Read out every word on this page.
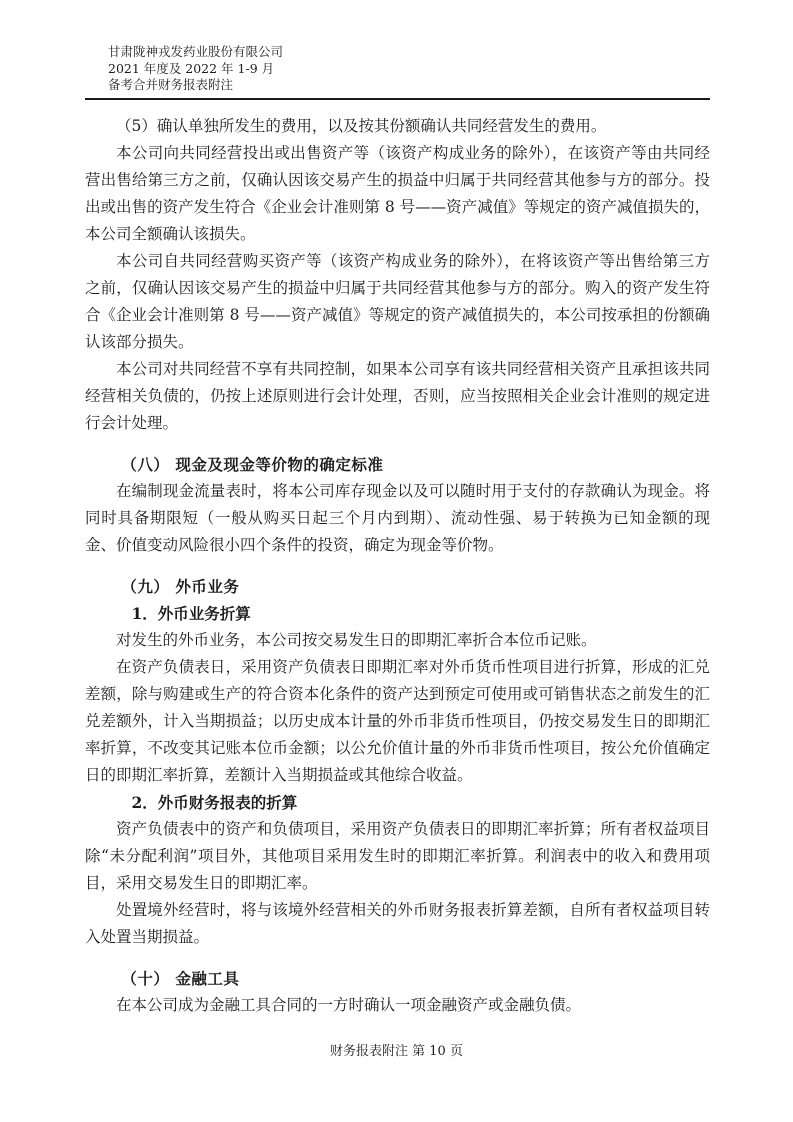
甘肃陇神戎发药业股份有限公司
2021 年度及 2022 年 1-9 月
备考合并财务报表附注

（5）确认单独所发生的费用，以及按其份额确认共同经营发生的费用。

本公司向共同经营投出或出售资产等（该资产构成业务的除外），在该资产等由共同经营出售给第三方之前，仅确认因该交易产生的损益中归属于共同经营其他参与方的部分。投出或出售的资产发生符合《企业会计准则第 8 号——资产减值》等规定的资产减值损失的，本公司全额确认该损失。

本公司自共同经营购买资产等（该资产构成业务的除外），在将该资产等出售给第三方之前，仅确认因该交易产生的损益中归属于共同经营其他参与方的部分。购入的资产发生符合《企业会计准则第 8 号——资产减值》等规定的资产减值损失的，本公司按承担的份额确认该部分损失。

本公司对共同经营不享有共同控制，如果本公司享有该共同经营相关资产且承担该共同经营相关负债的，仍按上述原则进行会计处理，否则，应当按照相关企业会计准则的规定进行会计处理。

（八） 现金及现金等价物的确定标准

在编制现金流量表时，将本公司库存现金以及可以随时用于支付的存款确认为现金。将同时具备期限短（一般从购买日起三个月内到期）、流动性强、易于转换为已知金额的现金、价值变动风险很小四个条件的投资，确定为现金等价物。

（九） 外币业务

1．外币业务折算

对发生的外币业务，本公司按交易发生日的即期汇率折合本位币记账。

在资产负债表日，采用资产负债表日即期汇率对外币货币性项目进行折算，形成的汇兑差额，除与购建或生产的符合资本化条件的资产达到预定可使用或可销售状态之前发生的汇兑差额外，计入当期损益；以历史成本计量的外币非货币性项目，仍按交易发生日的即期汇率折算，不改变其记账本位币金额；以公允价值计量的外币非货币性项目，按公允价值确定日的即期汇率折算，差额计入当期损益或其他综合收益。

2．外币财务报表的折算

资产负债表中的资产和负债项目，采用资产负债表日的即期汇率折算；所有者权益项目除“未分配利润”项目外，其他项目采用发生时的即期汇率折算。利润表中的收入和费用项目，采用交易发生日的即期汇率。

处置境外经营时，将与该境外经营相关的外币财务报表折算差额，自所有者权益项目转入处置当期损益。

（十） 金融工具

在本公司成为金融工具合同的一方时确认一项金融资产或金融负债。

财务报表附注 第 10 页
